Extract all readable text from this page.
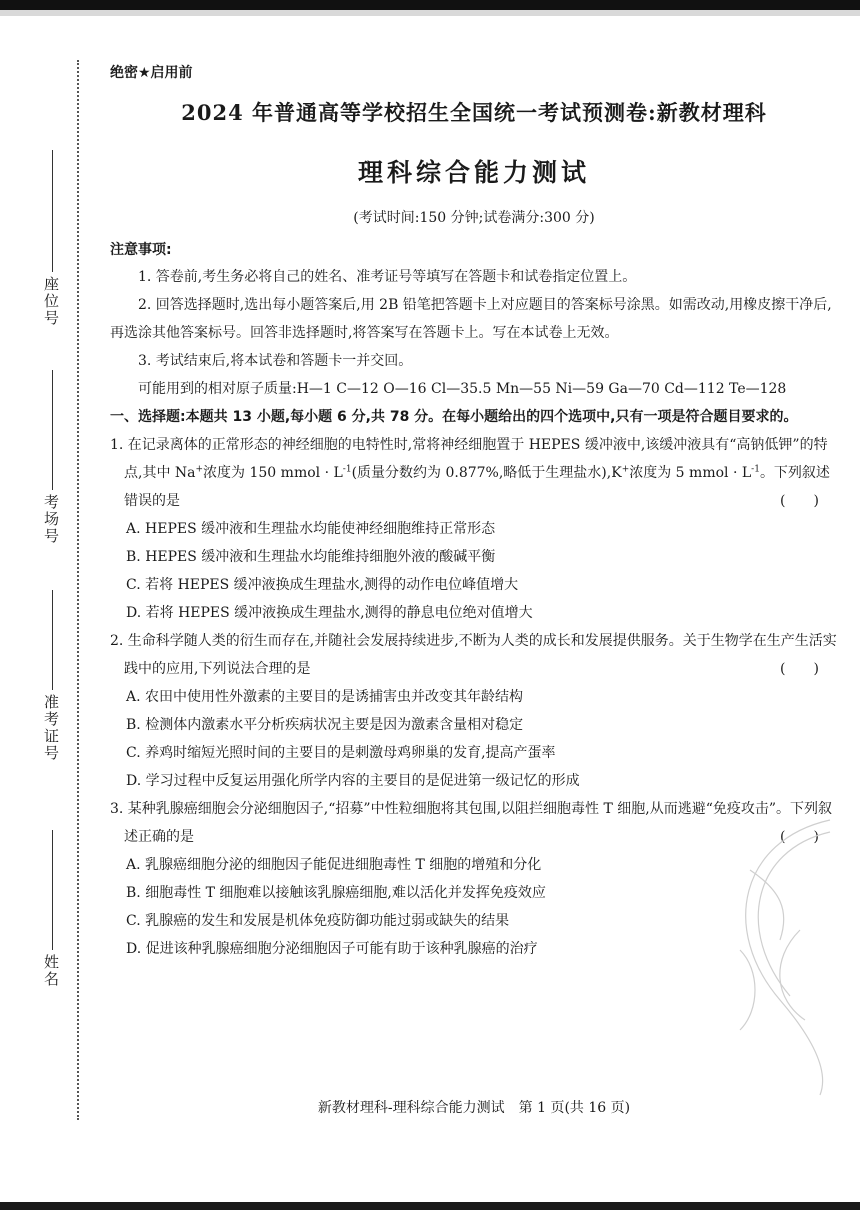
座位号
考场号
准考证号
姓名

绝密★启用前

2024 年普通高等学校招生全国统一考试预测卷:新教材理科

理科综合能力测试

(考试时间:150 分钟;试卷满分:300 分)

注意事项:

1. 答卷前,考生务必将自己的姓名、准考证号等填写在答题卡和试卷指定位置上。

2. 回答选择题时,选出每小题答案后,用 2B 铅笔把答题卡上对应题目的答案标号涂黑。如需改动,用橡皮擦干净后,再选涂其他答案标号。回答非选择题时,将答案写在答题卡上。写在本试卷上无效。

3. 考试结束后,将本试卷和答题卡一并交回。

可能用到的相对原子质量:H—1 C—12 O—16 Cl—35.5 Mn—55 Ni—59 Ga—70 Cd—112 Te—128

一、选择题:本题共 13 小题,每小题 6 分,共 78 分。在每小题给出的四个选项中,只有一项是符合题目要求的。

1. 在记录离体的正常形态的神经细胞的电特性时,常将神经细胞置于 HEPES 缓冲液中,该缓冲液具有“高钠低钾”的特点,其中 Na+浓度为 150 mmol · $L^{-1}$(质量分数约为 0.877%,略低于生理盐水),K+浓度为 5 mmol · $L^{-1}$。下列叙述错误的是	(　　)

A. HEPES 缓冲液和生理盐水均能使神经细胞维持正常形态

B. HEPES 缓冲液和生理盐水均能维持细胞外液的酸碱平衡

C. 若将 HEPES 缓冲液换成生理盐水,测得的动作电位峰值增大

D. 若将 HEPES 缓冲液换成生理盐水,测得的静息电位绝对值增大

2. 生命科学随人类的衍生而存在,并随社会发展持续进步,不断为人类的成长和发展提供服务。关于生物学在生产生活实践中的应用,下列说法合理的是	(　　)

A. 农田中使用性外激素的主要目的是诱捕害虫并改变其年龄结构

B. 检测体内激素水平分析疾病状况主要是因为激素含量相对稳定

C. 养鸡时缩短光照时间的主要目的是刺激母鸡卵巢的发育,提高产蛋率

D. 学习过程中反复运用强化所学内容的主要目的是促进第一级记忆的形成

3. 某种乳腺癌细胞会分泌细胞因子,“招募”中性粒细胞将其包围,以阻拦细胞毒性 T 细胞,从而逃避“免疫攻击”。下列叙述正确的是	(　　)

A. 乳腺癌细胞分泌的细胞因子能促进细胞毒性 T 细胞的增殖和分化

B. 细胞毒性 T 细胞难以接触该乳腺癌细胞,难以活化并发挥免疫效应

C. 乳腺癌的发生和发展是机体免疫防御功能过弱或缺失的结果

D. 促进该种乳腺癌细胞分泌细胞因子可能有助于该种乳腺癌的治疗

新教材理科-理科综合能力测试　第 1 页(共 16 页)
